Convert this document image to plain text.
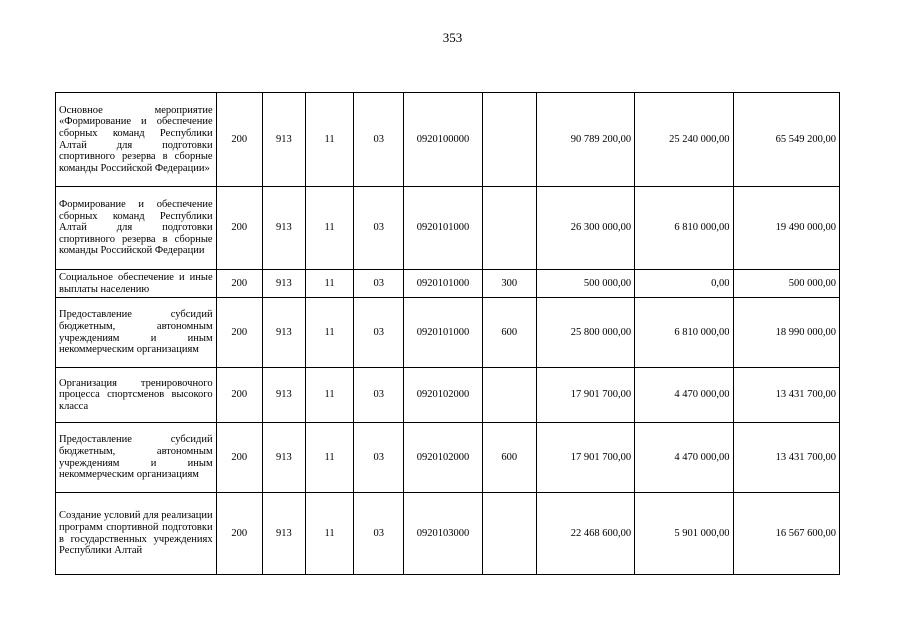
353
Основное мероприятие «Формирование и обеспечение сборных команд Республики Алтай для подготовки спортивного резерва в сборные команды Российской Федерации»	200	913	11	03	0920100000		90 789 200,00	25 240 000,00	65 549 200,00
Формирование и обеспечение сборных команд Республики Алтай для подготовки спортивного резерва в сборные команды Российской Федерации	200	913	11	03	0920101000		26 300 000,00	6 810 000,00	19 490 000,00
Социальное обеспечение и иные выплаты населению	200	913	11	03	0920101000	300	500 000,00	0,00	500 000,00
Предоставление субсидий бюджетным, автономным учреждениям и иным некоммерческим организациям	200	913	11	03	0920101000	600	25 800 000,00	6 810 000,00	18 990 000,00
Организация тренировочного процесса спортсменов высокого класса	200	913	11	03	0920102000		17 901 700,00	4 470 000,00	13 431 700,00
Предоставление субсидий бюджетным, автономным учреждениям и иным некоммерческим организациям	200	913	11	03	0920102000	600	17 901 700,00	4 470 000,00	13 431 700,00
Создание условий для реализации программ спортивной подготовки в государственных учреждениях Республики Алтай	200	913	11	03	0920103000		22 468 600,00	5 901 000,00	16 567 600,00
